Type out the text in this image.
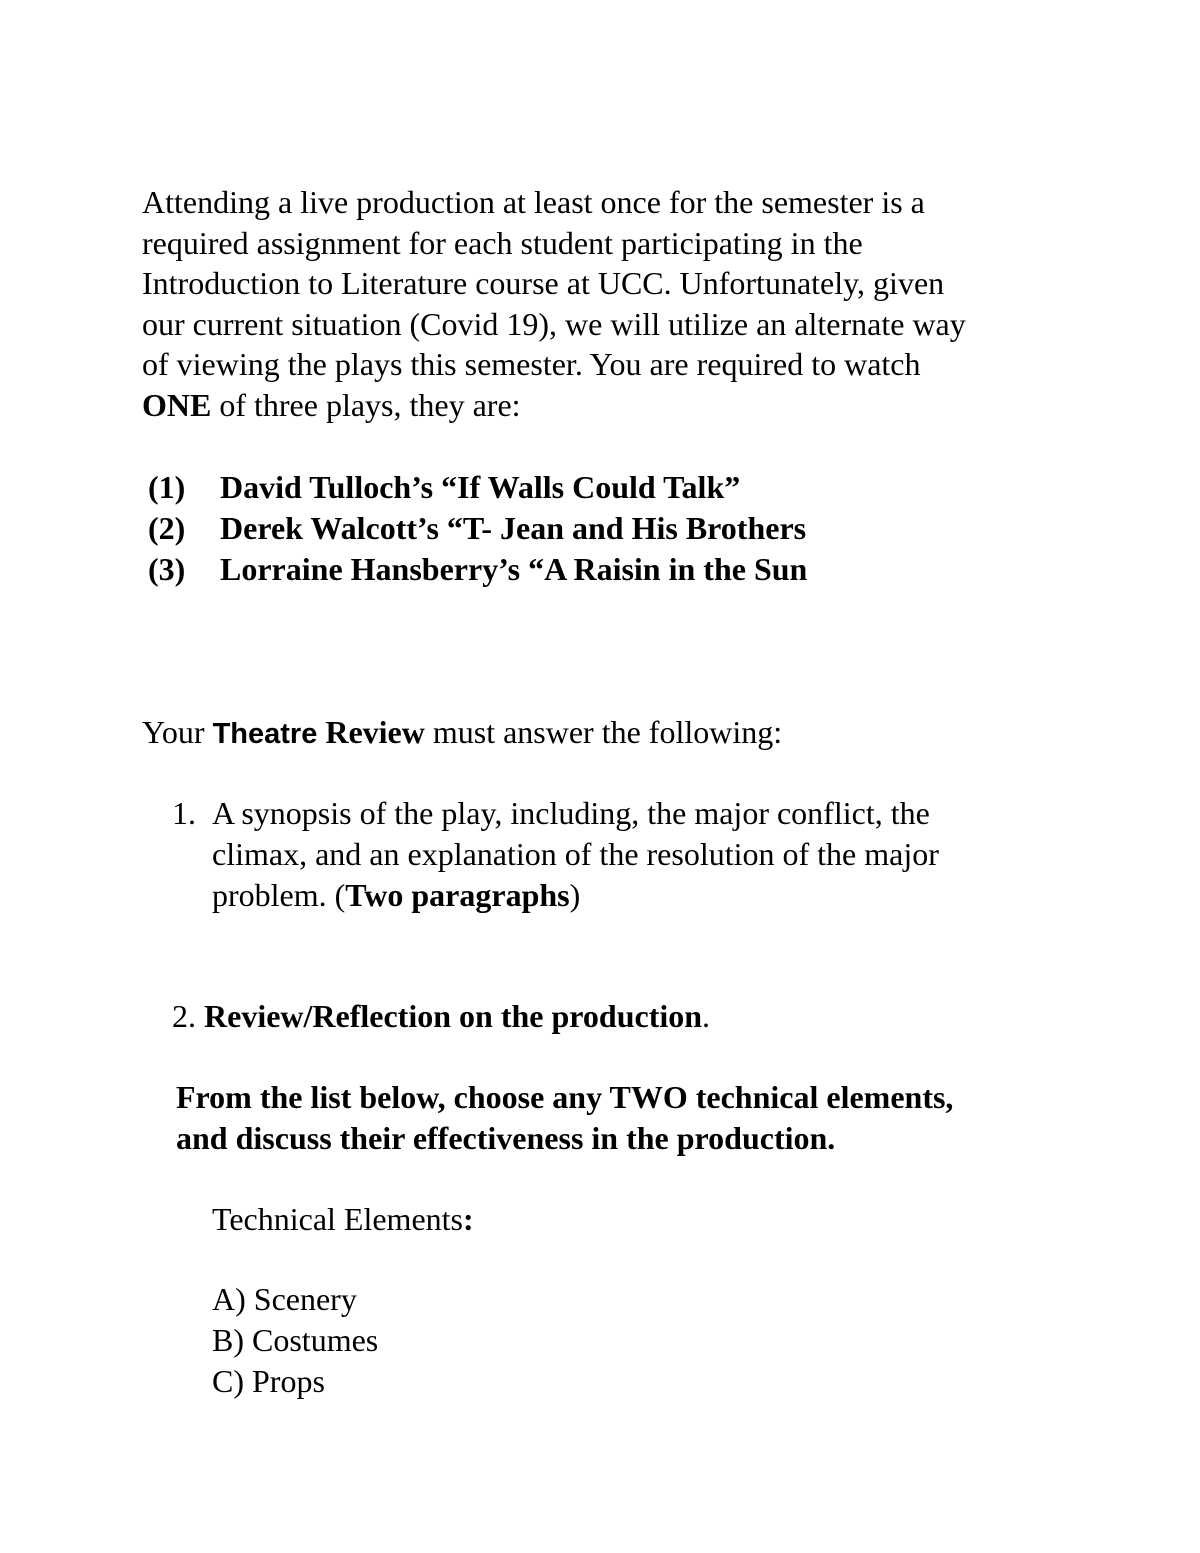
Attending a live production at least once for the semester is a
required assignment for each student participating in the
Introduction to Literature course at UCC. Unfortunately, given
our current situation (Covid 19), we will utilize an alternate way
of viewing the plays this semester. You are required to watch
ONE of three plays, they are:

(1) David Tulloch’s “If Walls Could Talk”
(2) Derek Walcott’s “T- Jean and His Brothers
(3) Lorraine Hansberry’s “A Raisin in the Sun

Your Theatre Review must answer the following:

1. A synopsis of the play, including, the major conflict, the
climax, and an explanation of the resolution of the major
problem. (Two paragraphs)

2. Review/Reflection on the production.

From the list below, choose any TWO technical elements,
and discuss their effectiveness in the production.

Technical Elements:

A) Scenery
B) Costumes
C) Props
